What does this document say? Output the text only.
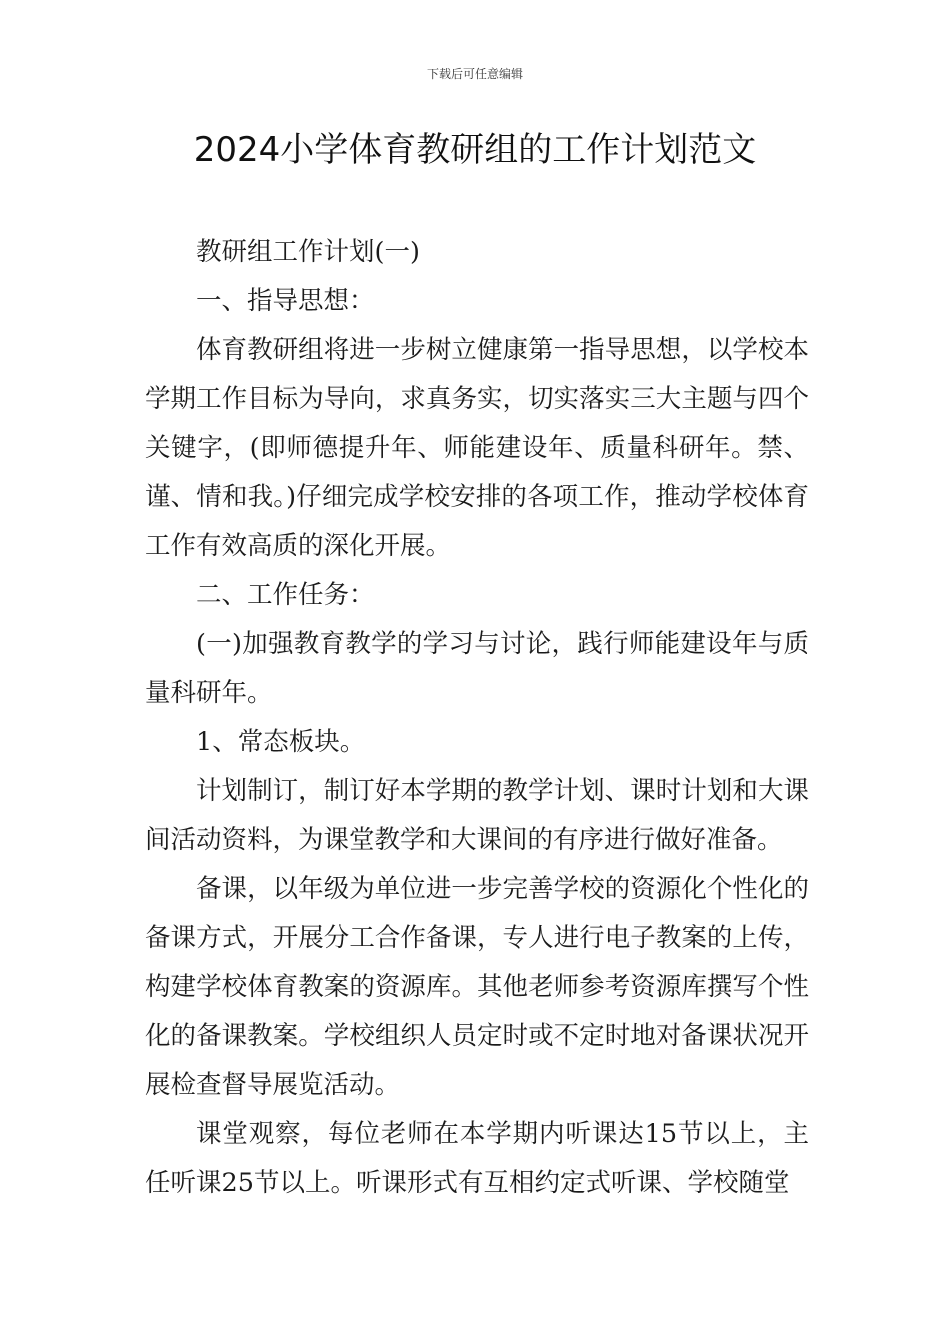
下载后可任意编辑
2024小学体育教研组的工作计划范文

教研组工作计划(一)

一、指导思想：

体育教研组将进一步树立健康第一指导思想，以学校本学期工作目标为导向，求真务实，切实落实三大主题与四个关键字，(即师德提升年、师能建设年、质量科研年。禁、谨、情和我。)仔细完成学校安排的各项工作，推动学校体育工作有效高质的深化开展。

二、工作任务：

(一)加强教育教学的学习与讨论，践行师能建设年与质量科研年。

1、常态板块。

计划制订，制订好本学期的教学计划、课时计划和大课间活动资料，为课堂教学和大课间的有序进行做好准备。

备课，以年级为单位进一步完善学校的资源化个性化的备课方式，开展分工合作备课，专人进行电子教案的上传，构建学校体育教案的资源库。其他老师参考资源库撰写个性化的备课教案。学校组织人员定时或不定时地对备课状况开展检查督导展览活动。

课堂观察，每位老师在本学期内听课达15节以上，主任听课25节以上。听课形式有互相约定式听课、学校随堂
